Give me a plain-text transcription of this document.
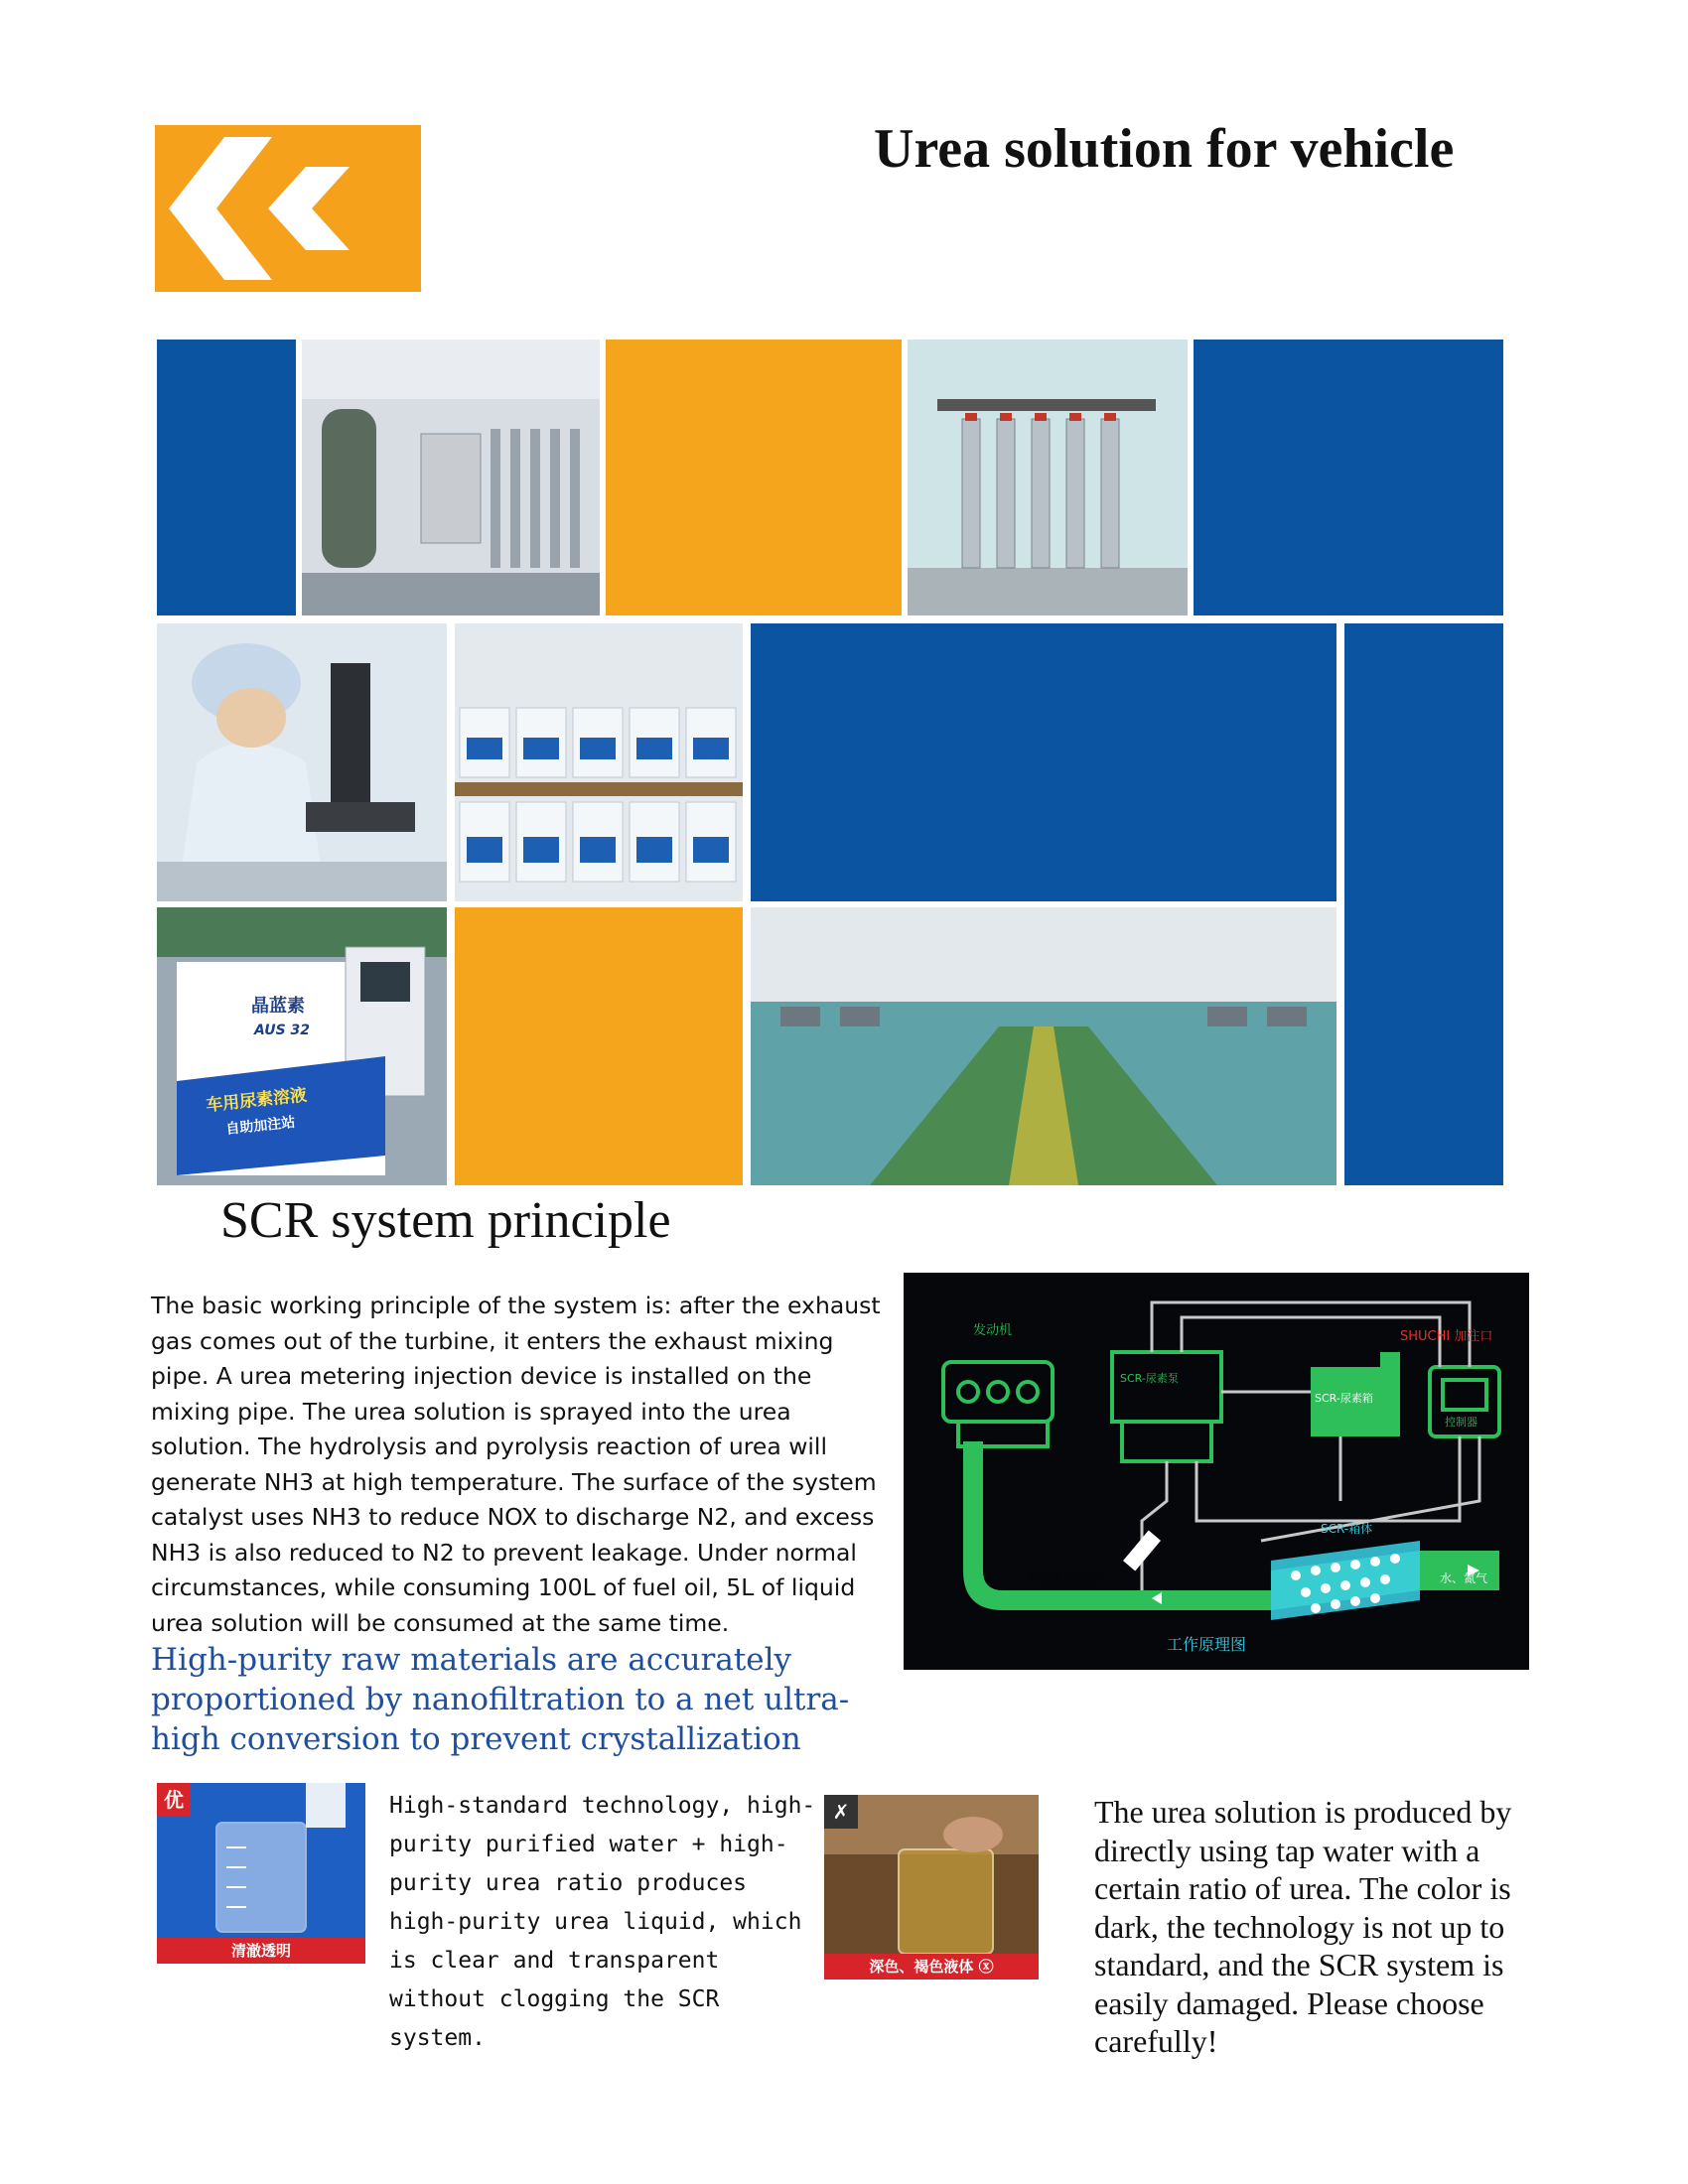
Urea solution for vehicle
晶蓝素
AUS 32
车用尿素溶液
自助加注站
SCR system principle
The basic working principle of the system is: after the exhaust gas comes out of the turbine, it enters the exhaust mixing pipe. A urea metering injection device is installed on the mixing pipe. The urea solution is sprayed into the urea solution. The hydrolysis and pyrolysis reaction of urea will generate NH3 at high temperature. The surface of the system catalyst uses NH3 to reduce NOX to discharge N2, and excess NH3 is also reduced to N2 to prevent leakage. Under normal circumstances, while consuming 100L of fuel oil, 5L of liquid urea solution will be consumed at the same time.
High-purity raw materials are accurately proportioned by nanofiltration to a net ultra-high conversion to prevent crystallization
发动机
SCR-尿素泵
SCR-尿素箱
SHUCHI 加注口
控制器
SCR-箱体
有害氮氧化物	水、氮气
工作原理图
优
清澈透明
High-standard technology, high-purity purified water + high-purity urea ratio produces high-purity urea liquid, which is clear and transparent without clogging the SCR system.
✗
深色、褐色液体 ⓧ
The urea solution is produced by directly using tap water with a certain ratio of urea. The color is dark, the technology is not up to standard, and the SCR system is easily damaged. Please choose carefully!
